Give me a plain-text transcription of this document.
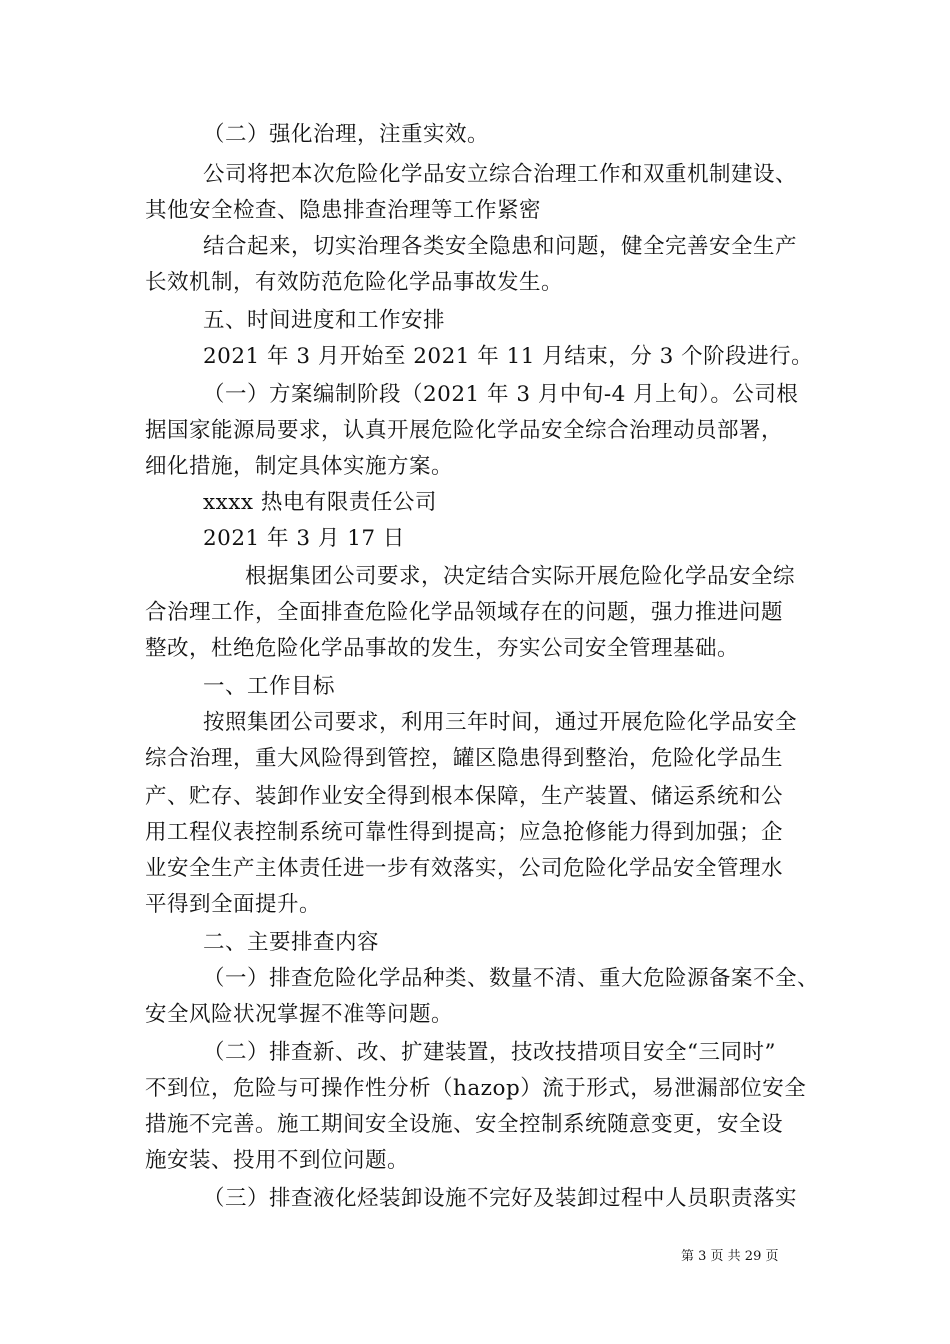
（二）强化治理，注重实效。
公司将把本次危险化学品安立综合治理工作和双重机制建设、
其他安全检查、隐患排查治理等工作紧密
结合起来，切实治理各类安全隐患和问题，健全完善安全生产
长效机制，有效防范危险化学品事故发生。
五、时间进度和工作安排
2021 年 3 月开始至 2021 年 11 月结束，分 3 个阶段进行。
（一）方案编制阶段（2021 年 3 月中旬-4 月上旬）。公司根
据国家能源局要求，认真开展危险化学品安全综合治理动员部署，
细化措施，制定具体实施方案。
xxxx 热电有限责任公司
2021 年 3 月 17 日
根据集团公司要求，决定结合实际开展危险化学品安全综
合治理工作，全面排查危险化学品领域存在的问题，强力推进问题
整改，杜绝危险化学品事故的发生，夯实公司安全管理基础。
一、工作目标
按照集团公司要求，利用三年时间，通过开展危险化学品安全
综合治理，重大风险得到管控，罐区隐患得到整治，危险化学品生
产、贮存、装卸作业安全得到根本保障，生产装置、储运系统和公
用工程仪表控制系统可靠性得到提高；应急抢修能力得到加强；企
业安全生产主体责任进一步有效落实，公司危险化学品安全管理水
平得到全面提升。
二、主要排查内容
（一）排查危险化学品种类、数量不清、重大危险源备案不全、
安全风险状况掌握不准等问题。
（二）排查新、改、扩建装置，技改技措项目安全“三同时”
不到位，危险与可操作性分析（hazop）流于形式，易泄漏部位安全
措施不完善。施工期间安全设施、安全控制系统随意变更，安全设
施安装、投用不到位问题。
（三）排查液化烃装卸设施不完好及装卸过程中人员职责落实
第 3 页 共 29 页
